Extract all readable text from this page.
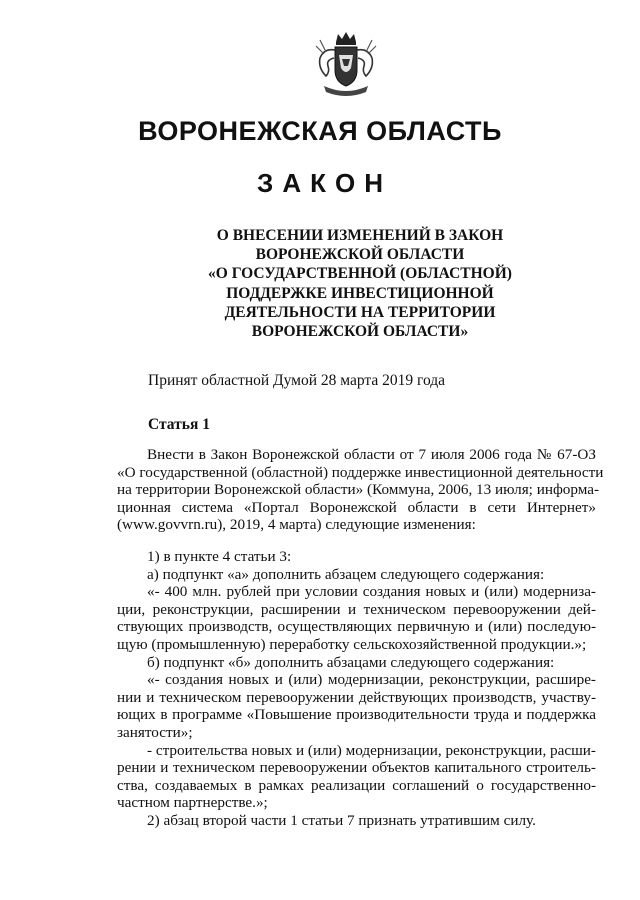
ВОРОНЕЖСКАЯ ОБЛАСТЬ
ЗАКОН
О ВНЕСЕНИИ ИЗМЕНЕНИЙ В ЗАКОН
ВОРОНЕЖСКОЙ ОБЛАСТИ
«О ГОСУДАРСТВЕННОЙ (ОБЛАСТНОЙ)
ПОДДЕРЖКЕ ИНВЕСТИЦИОННОЙ
ДЕЯТЕЛЬНОСТИ НА ТЕРРИТОРИИ
ВОРОНЕЖСКОЙ ОБЛАСТИ»
Принят областной Думой 28 марта 2019 года
Статья 1
Внести в Закон Воронежской области от 7 июля 2006 года № 67-ОЗ
«О государственной (областной) поддержке инвестиционной деятельности
на территории Воронежской области» (Коммуна, 2006, 13 июля; информа-
ционная система «Портал Воронежской области в сети Интернет»
(www.govvrn.ru), 2019, 4 марта) следующие изменения:
1) в пункте 4 статьи 3:
а) подпункт «а» дополнить абзацем следующего содержания:
«- 400 млн. рублей при условии создания новых и (или) модерниза-
ции, реконструкции, расширении и техническом перевооружении дей-
ствующих производств, осуществляющих первичную и (или) последую-
щую (промышленную) переработку сельскохозяйственной продукции.»;
б) подпункт «б» дополнить абзацами следующего содержания:
«- создания новых и (или) модернизации, реконструкции, расшире-
нии и техническом перевооружении действующих производств, участву-
ющих в программе «Повышение производительности труда и поддержка
занятости»;
- строительства новых и (или) модернизации, реконструкции, расши-
рении и техническом перевооружении объектов капитального строитель-
ства, создаваемых в рамках реализации соглашений о государственно-
частном партнерстве.»;
2) абзац второй части 1 статьи 7 признать утратившим силу.
